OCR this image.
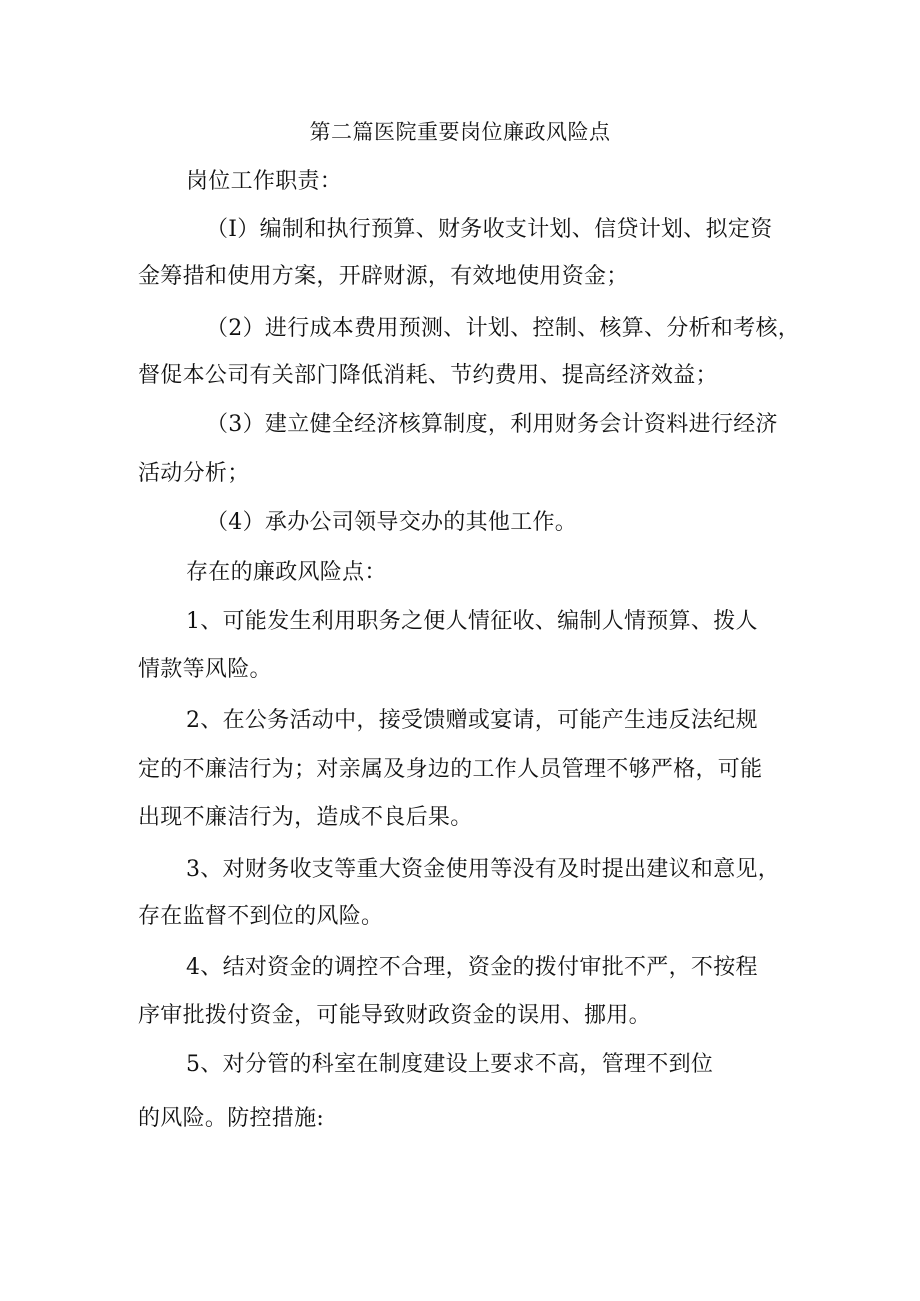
第二篇医院重要岗位廉政风险点
岗位工作职责：
（I）编制和执行预算、财务收支计划、信贷计划、拟定资
金筹措和使用方案，开辟财源，有效地使用资金；
（2）进行成本费用预测、计划、控制、核算、分析和考核，
督促本公司有关部门降低消耗、节约费用、提高经济效益；
（3）建立健全经济核算制度，利用财务会计资料进行经济
活动分析；
（4）承办公司领导交办的其他工作。
存在的廉政风险点：
1、可能发生利用职务之便人情征收、编制人情预算、拨人
情款等风险。
2、在公务活动中，接受馈赠或宴请，可能产生违反法纪规
定的不廉洁行为；对亲属及身边的工作人员管理不够严格，可能
出现不廉洁行为，造成不良后果。
3、对财务收支等重大资金使用等没有及时提出建议和意见，
存在监督不到位的风险。
4、结对资金的调控不合理，资金的拨付审批不严，不按程
序审批拨付资金，可能导致财政资金的误用、挪用。
5、对分管的科室在制度建设上要求不高，管理不到位
的风险。防控措施:
